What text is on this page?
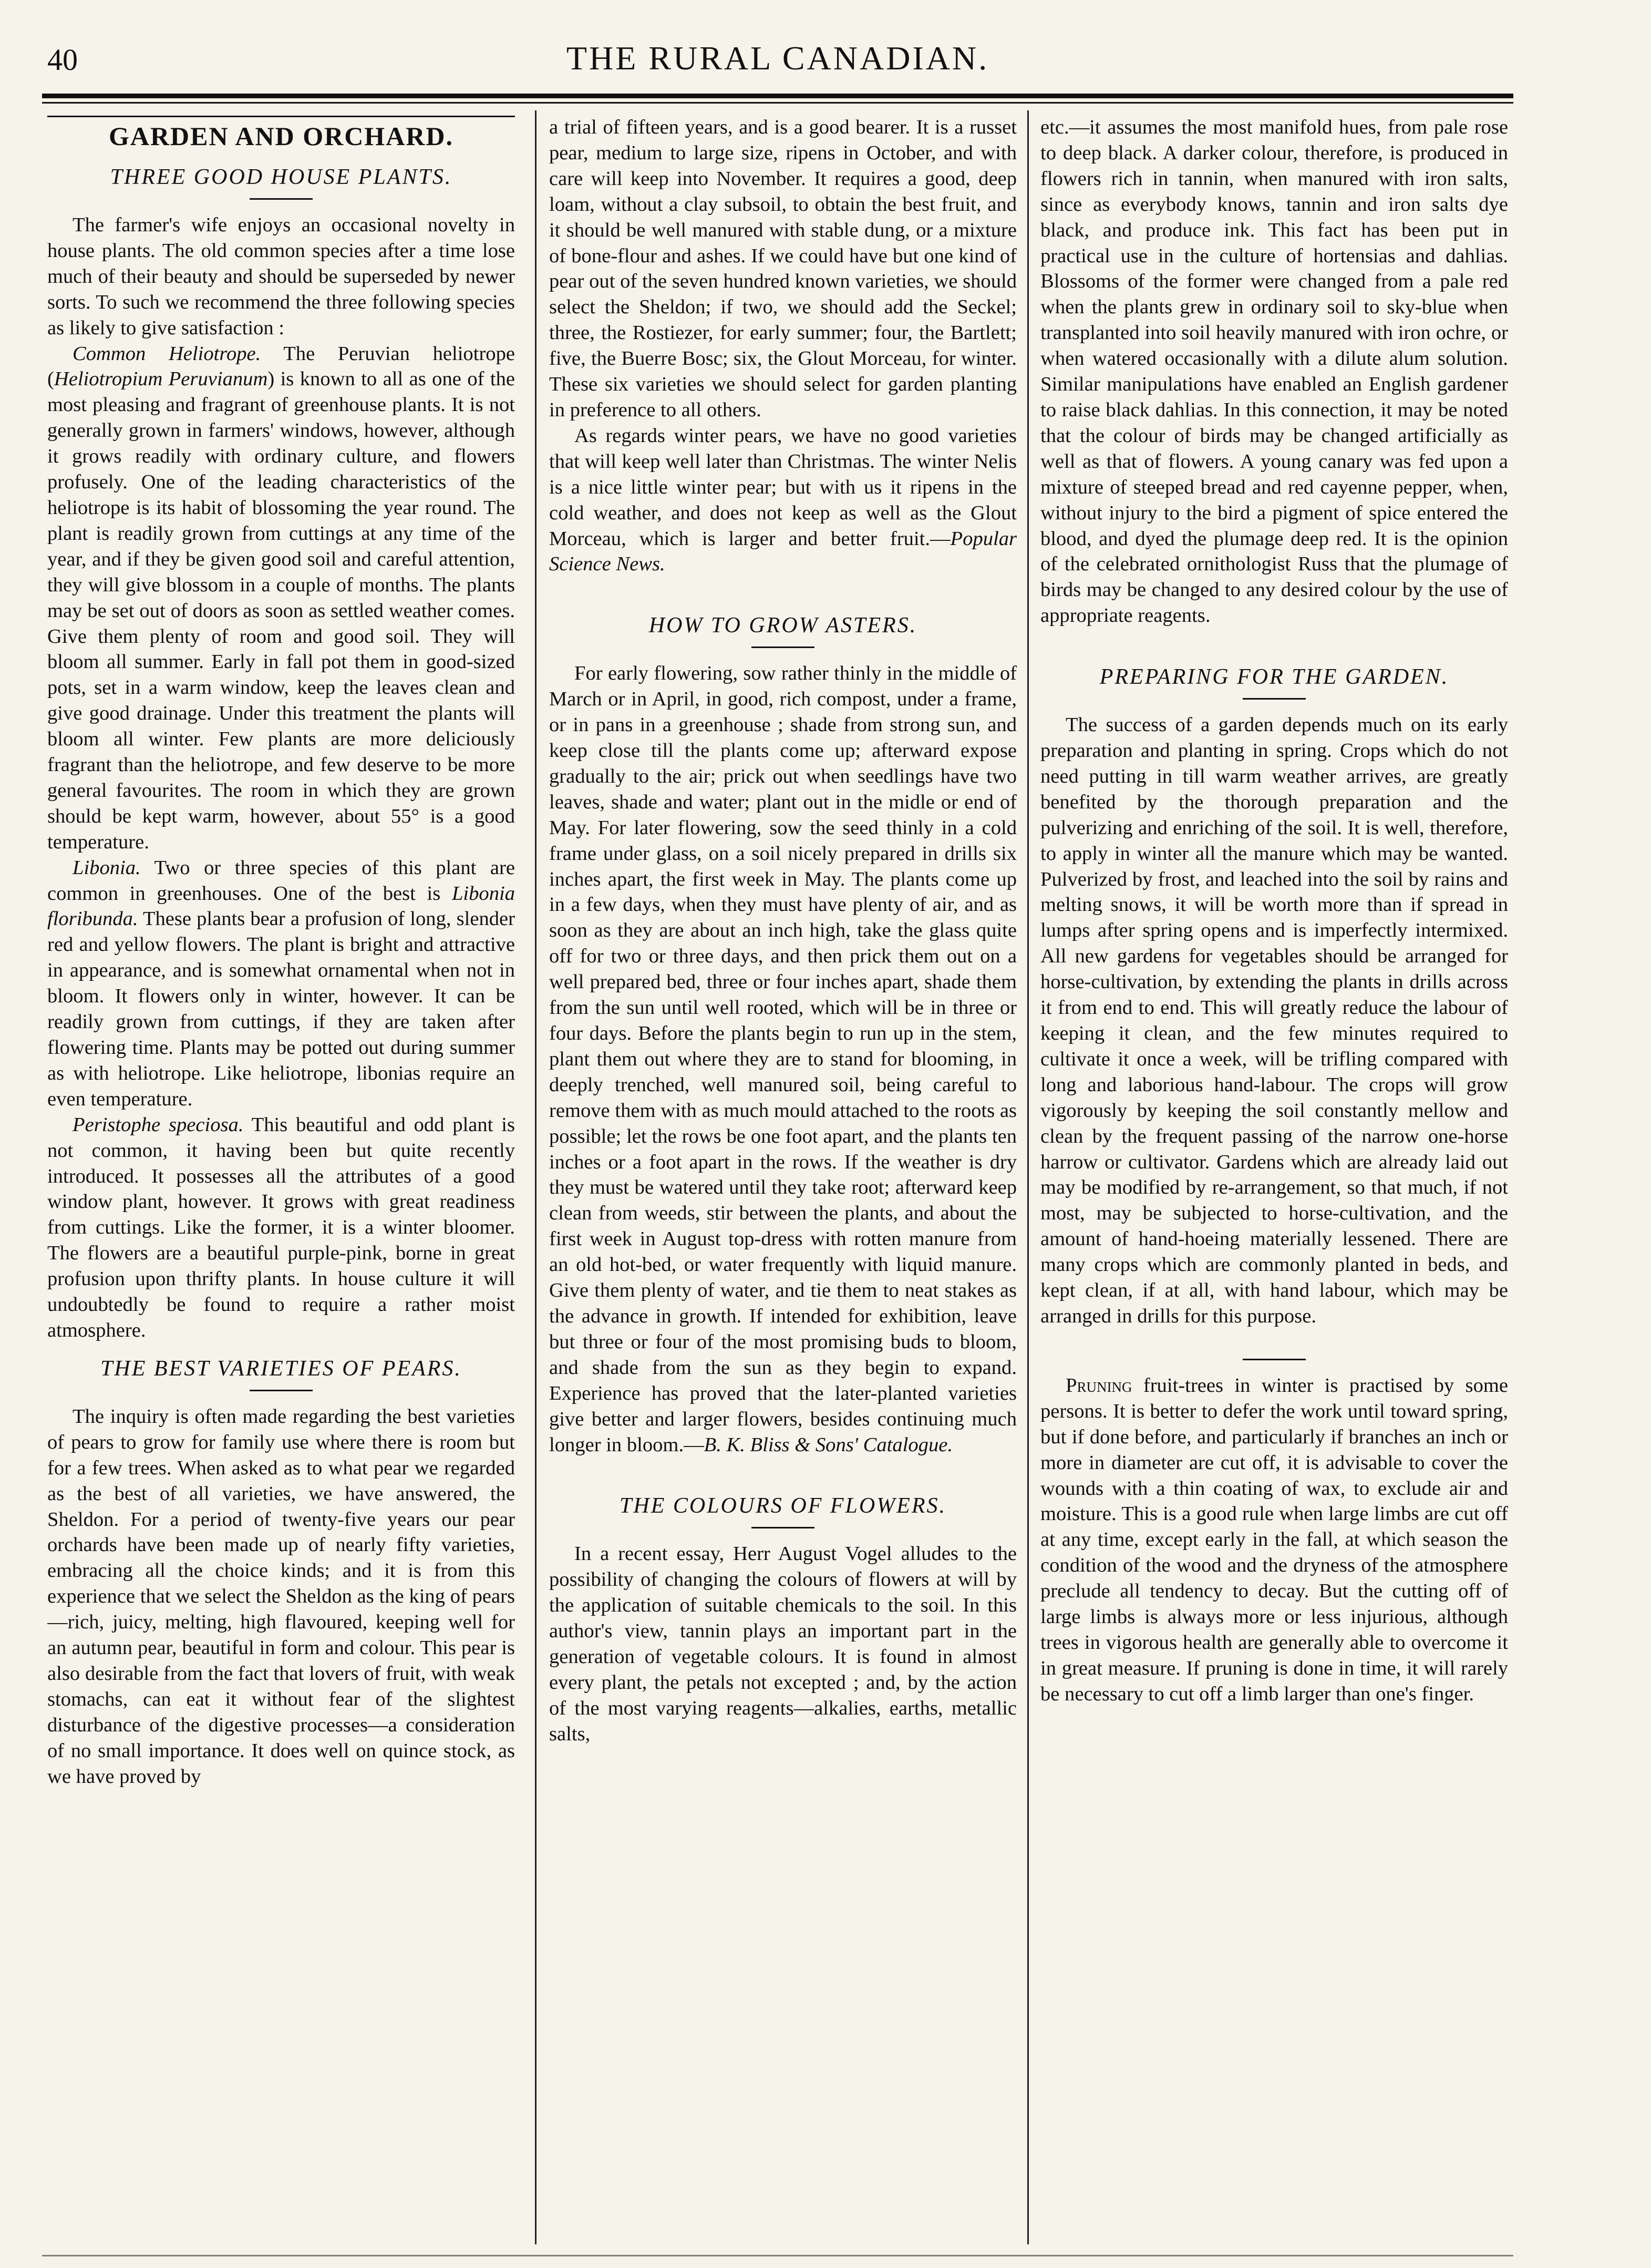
40	THE RURAL CANADIAN.
GARDEN AND ORCHARD.
THREE GOOD HOUSE PLANTS.

The farmer's wife enjoys an occasional novelty in house plants. The old common species after a time lose much of their beauty and should be superseded by newer sorts. To such we recommend the three following species as likely to give satisfaction :

Common Heliotrope. The Peruvian heliotrope (Heliotropium Peruvianum) is known to all as one of the most pleasing and fragrant of greenhouse plants. It is not generally grown in farmers' windows, however, although it grows readily with ordinary culture, and flowers profusely. One of the leading characteristics of the heliotrope is its habit of blossoming the year round. The plant is readily grown from cuttings at any time of the year, and if they be given good soil and careful attention, they will give blossom in a couple of months. The plants may be set out of doors as soon as settled weather comes. Give them plenty of room and good soil. They will bloom all summer. Early in fall pot them in good-sized pots, set in a warm window, keep the leaves clean and give good drainage. Under this treatment the plants will bloom all winter. Few plants are more deliciously fragrant than the heliotrope, and few deserve to be more general favourites. The room in which they are grown should be kept warm, however, about 55° is a good temperature.

Libonia. Two or three species of this plant are common in greenhouses. One of the best is Libonia floribunda. These plants bear a profusion of long, slender red and yellow flowers. The plant is bright and attractive in appearance, and is somewhat ornamental when not in bloom. It flowers only in winter, however. It can be readily grown from cuttings, if they are taken after flowering time. Plants may be potted out during summer as with heliotrope. Like heliotrope, libonias require an even temperature.

Peristophe speciosa. This beautiful and odd plant is not common, it having been but quite recently introduced. It possesses all the attributes of a good window plant, however. It grows with great readiness from cuttings. Like the former, it is a winter bloomer. The flowers are a beautiful purple-pink, borne in great profusion upon thrifty plants. In house culture it will undoubtedly be found to require a rather moist atmosphere.

THE BEST VARIETIES OF PEARS.

The inquiry is often made regarding the best varieties of pears to grow for family use where there is room but for a few trees. When asked as to what pear we regarded as the best of all varieties, we have answered, the Sheldon. For a period of twenty-five years our pear orchards have been made up of nearly fifty varieties, embracing all the choice kinds; and it is from this experience that we select the Sheldon as the king of pears—rich, juicy, melting, high flavoured, keeping well for an autumn pear, beautiful in form and colour. This pear is also desirable from the fact that lovers of fruit, with weak stomachs, can eat it without fear of the slightest disturbance of the digestive processes—a consideration of no small importance. It does well on quince stock, as we have proved by

a trial of fifteen years, and is a good bearer. It is a russet pear, medium to large size, ripens in October, and with care will keep into November. It requires a good, deep loam, without a clay subsoil, to obtain the best fruit, and it should be well manured with stable dung, or a mixture of bone-flour and ashes. If we could have but one kind of pear out of the seven hundred known varieties, we should select the Sheldon; if two, we should add the Seckel; three, the Rostiezer, for early summer; four, the Bartlett; five, the Buerre Bosc; six, the Glout Morceau, for winter. These six varieties we should select for garden planting in preference to all others.

As regards winter pears, we have no good varieties that will keep well later than Christmas. The winter Nelis is a nice little winter pear; but with us it ripens in the cold weather, and does not keep as well as the Glout Morceau, which is larger and better fruit.—Popular Science News.

HOW TO GROW ASTERS.

For early flowering, sow rather thinly in the middle of March or in April, in good, rich compost, under a frame, or in pans in a greenhouse ; shade from strong sun, and keep close till the plants come up; afterward expose gradually to the air; prick out when seedlings have two leaves, shade and water; plant out in the midle or end of May. For later flowering, sow the seed thinly in a cold frame under glass, on a soil nicely prepared in drills six inches apart, the first week in May. The plants come up in a few days, when they must have plenty of air, and as soon as they are about an inch high, take the glass quite off for two or three days, and then prick them out on a well prepared bed, three or four inches apart, shade them from the sun until well rooted, which will be in three or four days. Before the plants begin to run up in the stem, plant them out where they are to stand for blooming, in deeply trenched, well manured soil, being careful to remove them with as much mould attached to the roots as possible; let the rows be one foot apart, and the plants ten inches or a foot apart in the rows. If the weather is dry they must be watered until they take root; afterward keep clean from weeds, stir between the plants, and about the first week in August top-dress with rotten manure from an old hot-bed, or water frequently with liquid manure. Give them plenty of water, and tie them to neat stakes as the advance in growth. If intended for exhibition, leave but three or four of the most promising buds to bloom, and shade from the sun as they begin to expand. Experience has proved that the later-planted varieties give better and larger flowers, besides continuing much longer in bloom.—B. K. Bliss & Sons' Catalogue.

THE COLOURS OF FLOWERS.

In a recent essay, Herr August Vogel alludes to the possibility of changing the colours of flowers at will by the application of suitable chemicals to the soil. In this author's view, tannin plays an important part in the generation of vegetable colours. It is found in almost every plant, the petals not excepted ; and, by the action of the most varying reagents—alkalies, earths, metallic salts,

etc.—it assumes the most manifold hues, from pale rose to deep black. A darker colour, therefore, is produced in flowers rich in tannin, when manured with iron salts, since as everybody knows, tannin and iron salts dye black, and produce ink. This fact has been put in practical use in the culture of hortensias and dahlias. Blossoms of the former were changed from a pale red when the plants grew in ordinary soil to sky-blue when transplanted into soil heavily manured with iron ochre, or when watered occasionally with a dilute alum solution. Similar manipulations have enabled an English gardener to raise black dahlias. In this connection, it may be noted that the colour of birds may be changed artificially as well as that of flowers. A young canary was fed upon a mixture of steeped bread and red cayenne pepper, when, without injury to the bird a pigment of spice entered the blood, and dyed the plumage deep red. It is the opinion of the celebrated ornithologist Russ that the plumage of birds may be changed to any desired colour by the use of appropriate reagents.

PREPARING FOR THE GARDEN.

The success of a garden depends much on its early preparation and planting in spring. Crops which do not need putting in till warm weather arrives, are greatly benefited by the thorough preparation and the pulverizing and enriching of the soil. It is well, therefore, to apply in winter all the manure which may be wanted. Pulverized by frost, and leached into the soil by rains and melting snows, it will be worth more than if spread in lumps after spring opens and is imperfectly intermixed. All new gardens for vegetables should be arranged for horse-cultivation, by extending the plants in drills across it from end to end. This will greatly reduce the labour of keeping it clean, and the few minutes required to cultivate it once a week, will be trifling compared with long and laborious hand-labour. The crops will grow vigorously by keeping the soil constantly mellow and clean by the frequent passing of the narrow one-horse harrow or cultivator. Gardens which are already laid out may be modified by re-arrangement, so that much, if not most, may be subjected to horse-cultivation, and the amount of hand-hoeing materially lessened. There are many crops which are commonly planted in beds, and kept clean, if at all, with hand labour, which may be arranged in drills for this purpose.

Pruning fruit-trees in winter is practised by some persons. It is better to defer the work until toward spring, but if done before, and particularly if branches an inch or more in diameter are cut off, it is advisable to cover the wounds with a thin coating of wax, to exclude air and moisture. This is a good rule when large limbs are cut off at any time, except early in the fall, at which season the condition of the wood and the dryness of the atmosphere preclude all tendency to decay. But the cutting off of large limbs is always more or less injurious, although trees in vigorous health are generally able to overcome it in great measure. If pruning is done in time, it will rarely be necessary to cut off a limb larger than one's finger.
